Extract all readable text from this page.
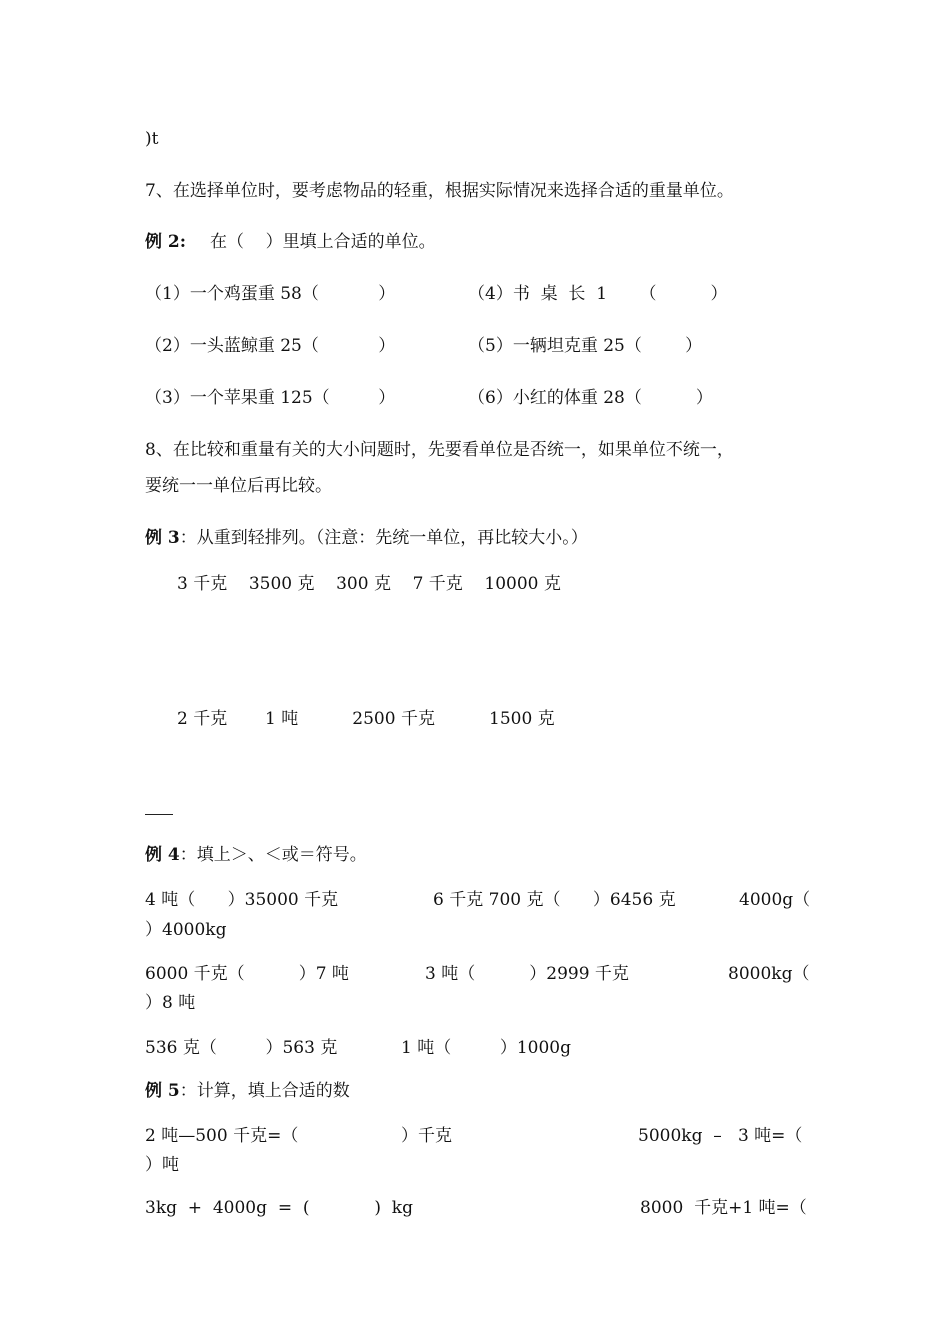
)t
7、在选择单位时，要考虑物品的轻重，根据实际情况来选择合适的重量单位。
例 2: 在（    ）里填上合适的单位。
（1）一个鸡蛋重 58（           ）	（4）书  桌  长  1      （          ）
（2）一头蓝鲸重 25（           ）	（5）一辆坦克重 25（        ）
（3）一个苹果重 125（         ）	（6）小红的体重 28（          ）
8、在比较和重量有关的大小问题时，先要看单位是否统一，如果单位不统一，
要统一一单位后再比较。
例 3：从重到轻排列。（注意：先统一单位，再比较大小。）
3 千克    3500 克    300 克    7 千克    10000 克
2 千克       1 吨          2500 千克          1500 克
例 4：填上＞、＜或＝符号。
4 吨（      ）35000 千克	6 千克 700 克（      ）6456 克	4000g（
）4000kg
6000 千克（          ）7 吨	3 吨（          ）2999 千克	8000kg（
）8 吨
536 克（         ）563 克	1 吨（         ）1000g
例 5：计算，填上合适的数
2 吨—500 千克=（                   ）千克	5000kg  –   3 吨=（
）吨
3kg  +  4000g  =  (            )  kg	8000  千克+1 吨=（
